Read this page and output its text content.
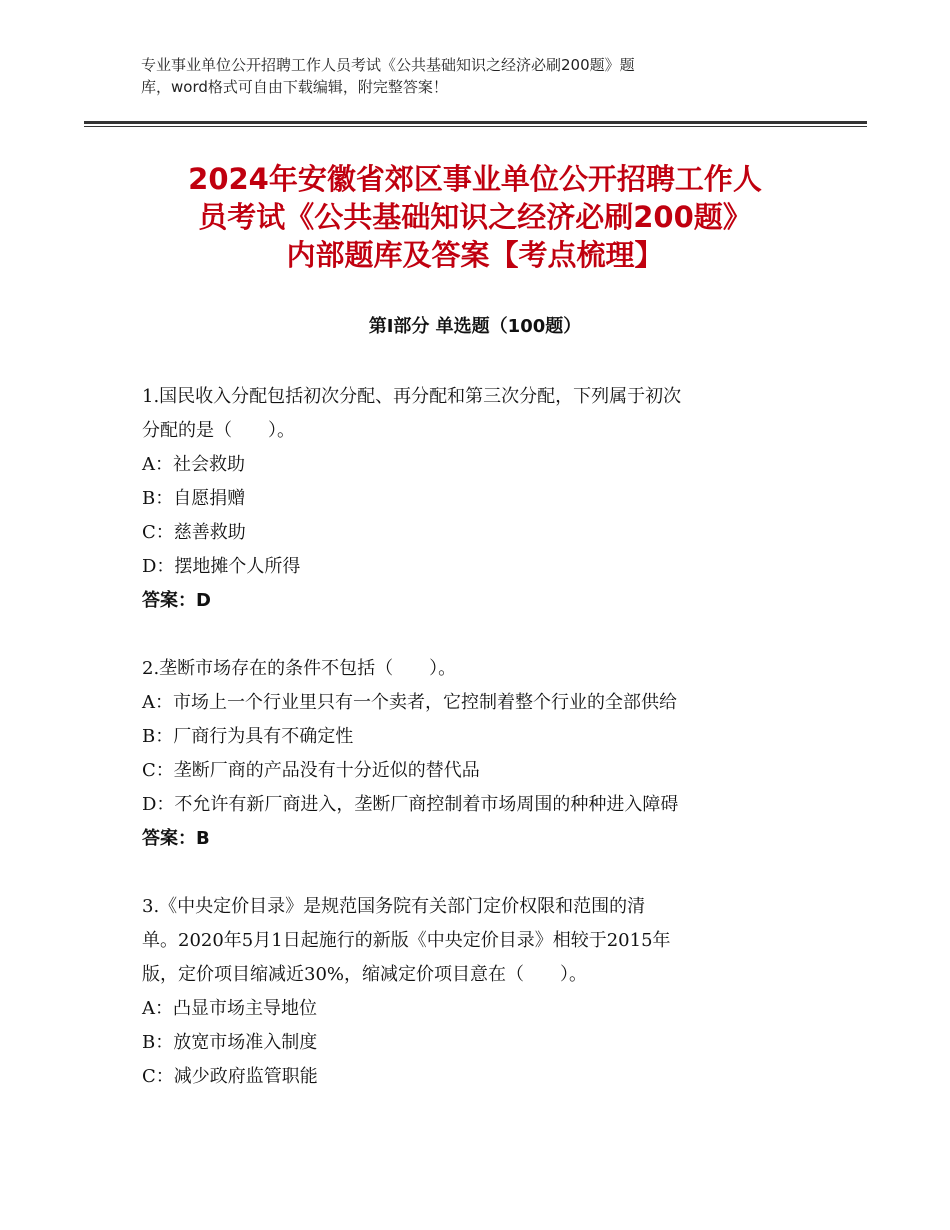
专业事业单位公开招聘工作人员考试《公共基础知识之经济必刷200题》题
库，word格式可自由下载编辑，附完整答案！
2024年安徽省郊区事业单位公开招聘工作人
员考试《公共基础知识之经济必刷200题》
内部题库及答案【考点梳理】
第Ⅰ部分 单选题（100题）
1.国民收入分配包括初次分配、再分配和第三次分配，下列属于初次
分配的是（　　）。
A：社会救助
B：自愿捐赠
C：慈善救助
D：摆地摊个人所得
答案：D
2.垄断市场存在的条件不包括（　　）。
A：市场上一个行业里只有一个卖者，它控制着整个行业的全部供给
B：厂商行为具有不确定性
C：垄断厂商的产品没有十分近似的替代品
D：不允许有新厂商进入，垄断厂商控制着市场周围的种种进入障碍
答案：B
3.《中央定价目录》是规范国务院有关部门定价权限和范围的清
单。2020年5月1日起施行的新版《中央定价目录》相较于2015年
版，定价项目缩减近30%，缩减定价项目意在（　　）。
A：凸显市场主导地位
B：放宽市场准入制度
C：减少政府监管职能
